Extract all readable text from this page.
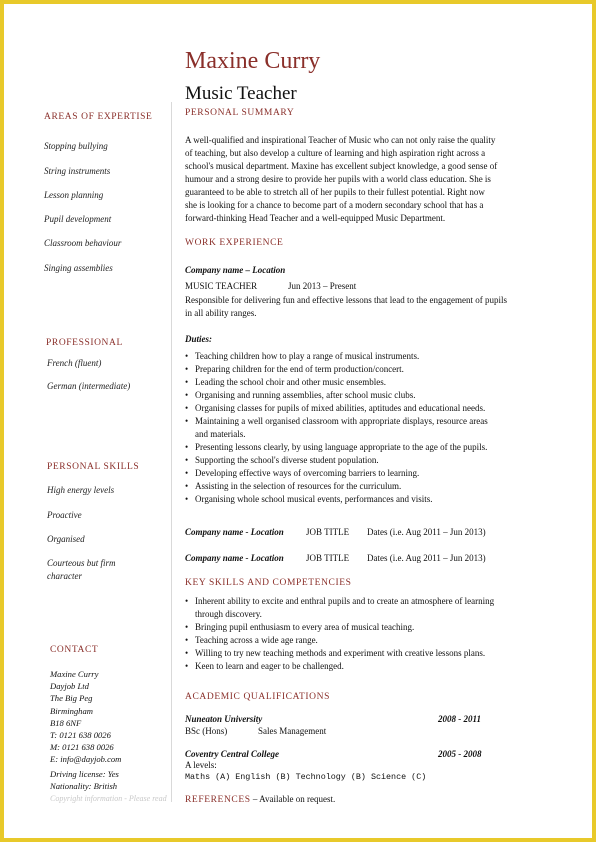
Maxine Curry
Music Teacher
AREAS OF EXPERTISE
Stopping bullying
String instruments
Lesson planning
Pupil development
Classroom behaviour
Singing assemblies
PROFESSIONAL
French (fluent)
German (intermediate)
PERSONAL SKILLS
High energy levels
Proactive
Organised
Courteous but firm
character
CONTACT
Maxine Curry
Dayjob Ltd
The Big Peg
Birmingham
B18 6NF
T: 0121 638 0026
M: 0121 638 0026
E: info@dayjob.com
Driving license: Yes
Nationality: British
Copyright information - Please read
PERSONAL SUMMARY
A well-qualified and inspirational Teacher of Music who can not only raise the quality
of teaching, but also develop a culture of learning and high aspiration right across a
school's musical department. Maxine has excellent subject knowledge, a good sense of
humour and a strong desire to provide her pupils with a world class education. She is
guaranteed to be able to stretch all of her pupils to their fullest potential. Right now
she is looking for a chance to become part of a modern secondary school that has a
forward-thinking Head Teacher and a well-equipped Music Department.
WORK EXPERIENCE
Company name – Location
MUSIC TEACHER	Jun 2013 – Present
Responsible for delivering fun and effective lessons that lead to the engagement of pupils
in all ability ranges.
Duties:
• Teaching children how to play a range of musical instruments.
• Preparing children for the end of term production/concert.
• Leading the school choir and other music ensembles.
• Organising and running assemblies, after school music clubs.
• Organising classes for pupils of mixed abilities, aptitudes and educational needs.
• Maintaining a well organised classroom with appropriate displays, resource areas
and materials.
• Presenting lessons clearly, by using language appropriate to the age of the pupils.
• Supporting the school's diverse student population.
• Developing effective ways of overcoming barriers to learning.
• Assisting in the selection of resources for the curriculum.
• Organising whole school musical events, performances and visits.
Company name - Location JOB TITLE Dates (i.e. Aug 2011 – Jun 2013)
Company name - Location JOB TITLE Dates (i.e. Aug 2011 – Jun 2013)
KEY SKILLS AND COMPETENCIES
• Inherent ability to excite and enthral pupils and to create an atmosphere of learning
through discovery.
• Bringing pupil enthusiasm to every area of musical teaching.
• Teaching across a wide age range.
• Willing to try new teaching methods and experiment with creative lessons plans.
• Keen to learn and eager to be challenged.
ACADEMIC QUALIFICATIONS
Nuneaton University	2008 - 2011
BSc (Hons)	Sales Management
Coventry Central College	2005 - 2008
A levels:
Maths (A) English (B) Technology (B) Science (C)
REFERENCES – Available on request.
